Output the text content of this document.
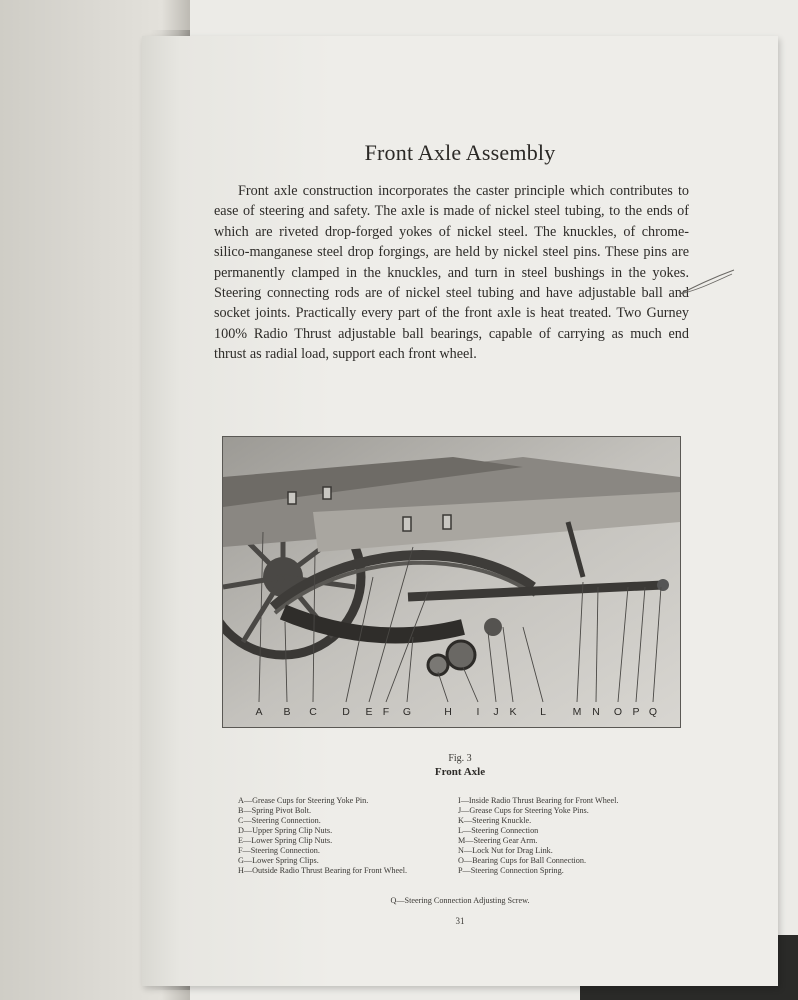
Front Axle Assembly
Front axle construction incorporates the caster principle which contributes to ease of steering and safety. The axle is made of nickel steel tubing, to the ends of which are riveted drop-forged yokes of nickel steel. The knuckles, of chrome-silico-manganese steel drop forgings, are held by nickel steel pins. These pins are permanently clamped in the knuckles, and turn in steel bushings in the yokes. Steering connecting rods are of nickel steel tubing and have adjustable ball and socket joints. Practically every part of the front axle is heat treated. Two Gurney 100% Radio Thrust adjustable ball bearings, capable of carrying as much end thrust as radial load, support each front wheel.
A B C D E F G	H I J K L	M N O P Q
Fig. 3
Front Axle
A—Grease Cups for Steering Yoke Pin.
B—Spring Pivot Bolt.
C—Steering Connection.
D—Upper Spring Clip Nuts.
E—Lower Spring Clip Nuts.
F—Steering Connection.
G—Lower Spring Clips.
H—Outside Radio Thrust Bearing for Front Wheel.
I—Inside Radio Thrust Bearing for Front Wheel.
J—Grease Cups for Steering Yoke Pins.
K—Steering Knuckle.
L—Steering Connection
M—Steering Gear Arm.
N—Lock Nut for Drag Link.
O—Bearing Cups for Ball Connection.
P—Steering Connection Spring.
Q—Steering Connection Adjusting Screw.
31
